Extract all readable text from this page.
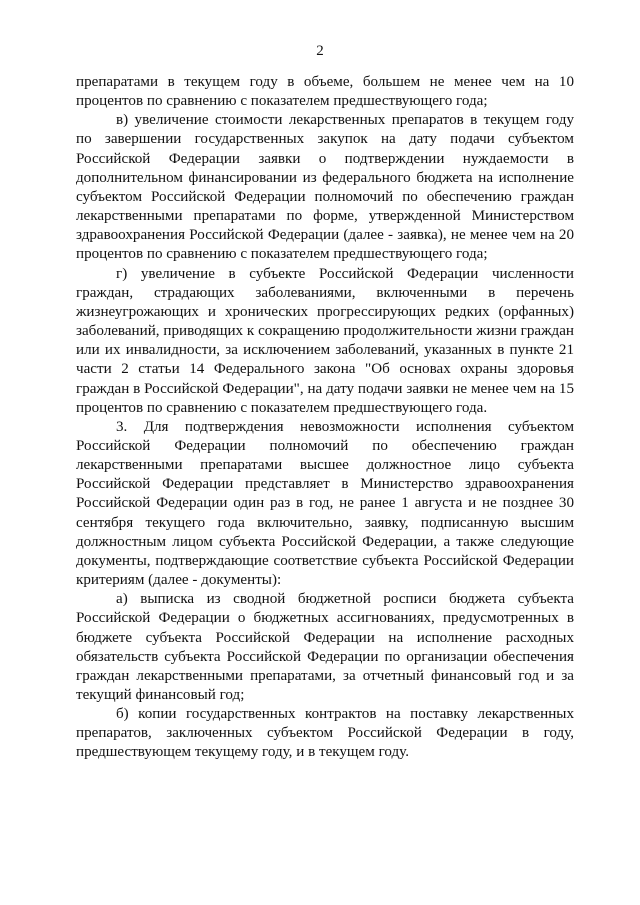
2

препаратами в текущем году в объеме, большем не менее чем на 10 процентов по сравнению с показателем предшествующего года;

в) увеличение стоимости лекарственных препаратов в текущем году по завершении государственных закупок на дату подачи субъектом Российской Федерации заявки о подтверждении нуждаемости в дополнительном финансировании из федерального бюджета на исполнение субъектом Российской Федерации полномочий по обеспечению граждан лекарственными препаратами по форме, утвержденной Министерством здравоохранения Российской Федерации (далее - заявка), не менее чем на 20 процентов по сравнению с показателем предшествующего года;

г) увеличение в субъекте Российской Федерации численности граждан, страдающих заболеваниями, включенными в перечень жизнеугрожающих и хронических прогрессирующих редких (орфанных) заболеваний, приводящих к сокращению продолжительности жизни граждан или их инвалидности, за исключением заболеваний, указанных в пункте 21 части 2 статьи 14 Федерального закона "Об основах охраны здоровья граждан в Российской Федерации", на дату подачи заявки не менее чем на 15 процентов по сравнению с показателем предшествующего года.

3. Для подтверждения невозможности исполнения субъектом Российской Федерации полномочий по обеспечению граждан лекарственными препаратами высшее должностное лицо субъекта Российской Федерации представляет в Министерство здравоохранения Российской Федерации один раз в год, не ранее 1 августа и не позднее 30 сентября текущего года включительно, заявку, подписанную высшим должностным лицом субъекта Российской Федерации, а также следующие документы, подтверждающие соответствие субъекта Российской Федерации критериям (далее - документы):

а) выписка из сводной бюджетной росписи бюджета субъекта Российской Федерации о бюджетных ассигнованиях, предусмотренных в бюджете субъекта Российской Федерации на исполнение расходных обязательств субъекта Российской Федерации по организации обеспечения граждан лекарственными препаратами, за отчетный финансовый год и за текущий финансовый год;

б) копии государственных контрактов на поставку лекарственных препаратов, заключенных субъектом Российской Федерации в году, предшествующем текущему году, и в текущем году.
